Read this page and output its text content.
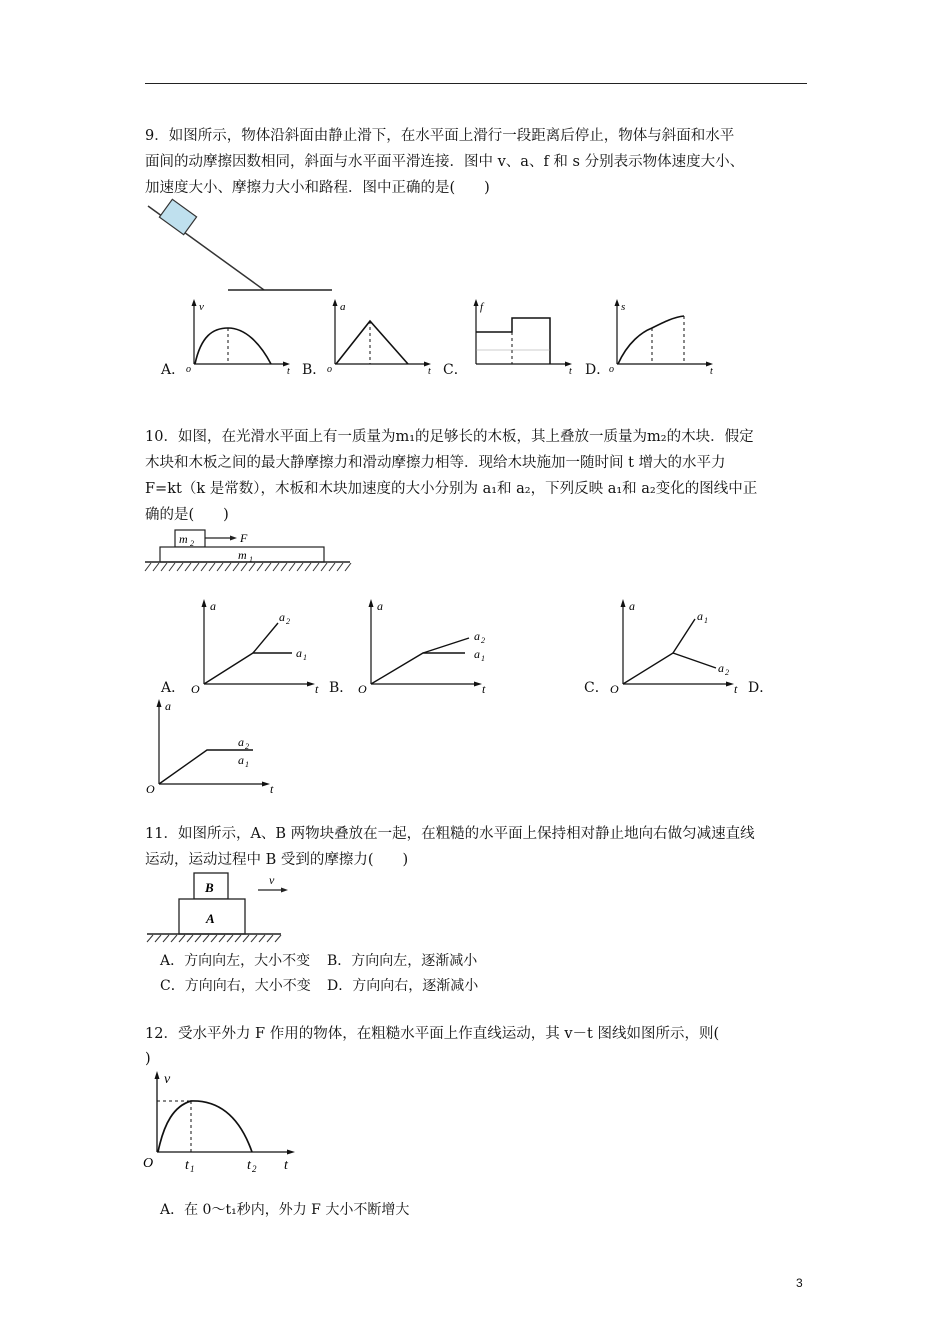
9．如图所示，物体沿斜面由静止滑下，在水平面上滑行一段距离后停止，物体与斜面和水平
面间的动摩擦因数相同，斜面与水平面平滑连接．图中 v、a、f 和 s 分别表示物体速度大小、
加速度大小、摩擦力大小和路程．图中正确的是(　　)
A．
v
o	t B．
a
o	t C．
f
t D．
s
o	t
10．如图，在光滑水平面上有一质量为m₁的足够长的木板，其上叠放一质量为m₂的木块．假定
木块和木板之间的最大静摩擦力和滑动摩擦力相等．现给木块施加一随时间 t 增大的水平力
F=kt（k 是常数），木板和木块加速度的大小分别为 a₁和 a₂，下列反映 a₁和 a₂变化的图线中正
确的是(　　)
m 2	F
m 1
A．
a
a 2
a 1
O	t B．
a
a 2
a 1
O	t	C．
a
a 1
a 2
O	t D．
a
a 2
a 1
O	t
11．如图所示，A、B 两物块叠放在一起，在粗糙的水平面上保持相对静止地向右做匀减速直线
运动，运动过程中 B 受到的摩擦力(　　)
B
A
v
A．方向向左，大小不变 B．方向向左，逐渐减小
C．方向向右，大小不变 D．方向向右，逐渐减小
12．受水平外力 F 作用的物体，在粗糙水平面上作直线运动，其 v－t 图线如图所示，则(
)
v
O t 1	t 2 t
A．在 0～t₁秒内，外力 F 大小不断增大
3
